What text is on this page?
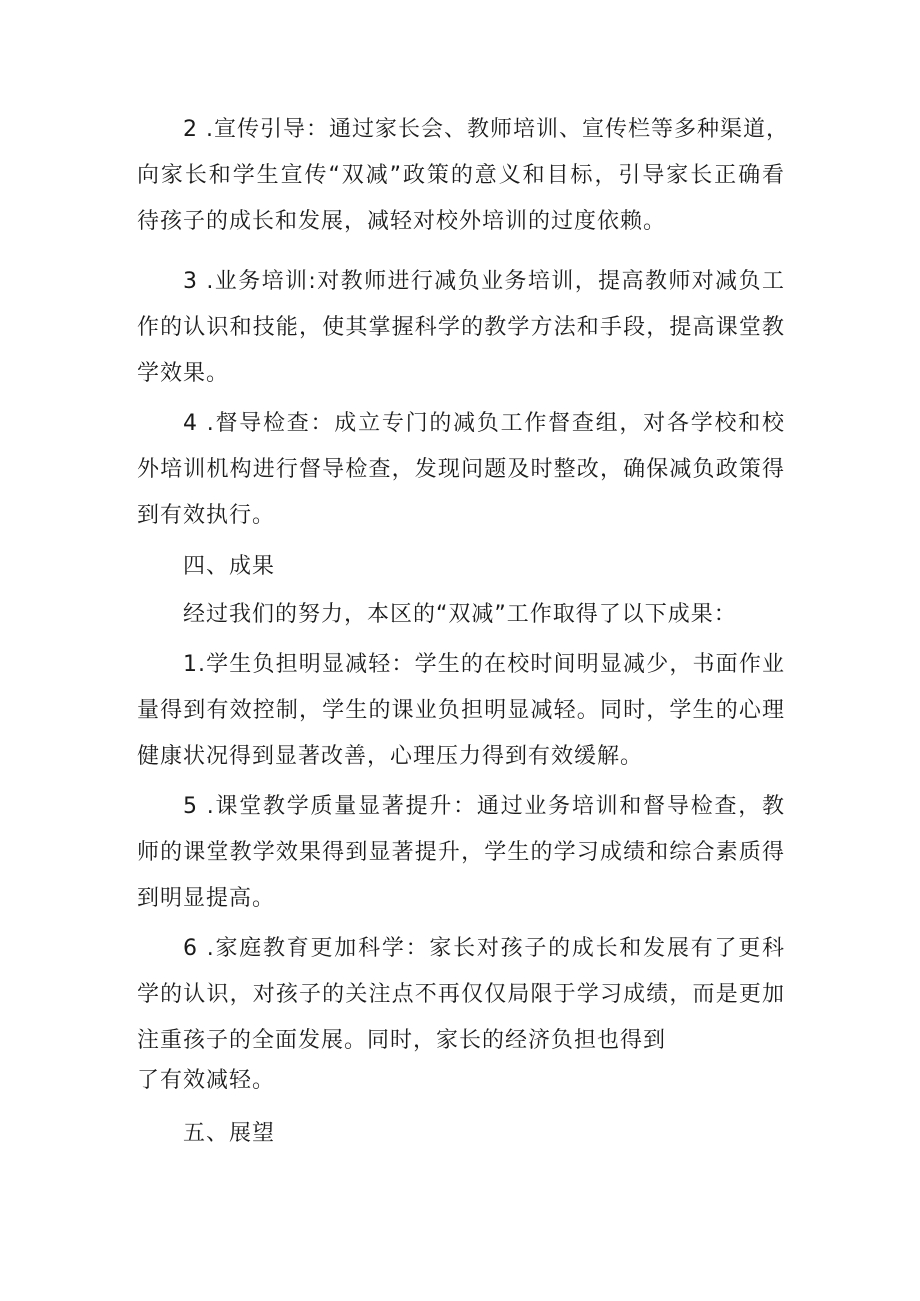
2 .宣传引导：通过家长会、教师培训、宣传栏等多种渠道，
向家长和学生宣传“双减”政策的意义和目标，引导家长正确看
待孩子的成长和发展，减轻对校外培训的过度依赖。
3 .业务培训:对教师进行减负业务培训，提高教师对减负工
作的认识和技能，使其掌握科学的教学方法和手段，提高课堂教
学效果。
4 .督导检查：成立专门的减负工作督查组，对各学校和校
外培训机构进行督导检查，发现问题及时整改，确保减负政策得
到有效执行。
四、成果
经过我们的努力，本区的“双减”工作取得了以下成果：
1.学生负担明显减轻：学生的在校时间明显减少，书面作业
量得到有效控制，学生的课业负担明显减轻。同时，学生的心理
健康状况得到显著改善，心理压力得到有效缓解。
5 .课堂教学质量显著提升：通过业务培训和督导检查，教
师的课堂教学效果得到显著提升，学生的学习成绩和综合素质得
到明显提高。
6 .家庭教育更加科学：家长对孩子的成长和发展有了更科
学的认识，对孩子的关注点不再仅仅局限于学习成绩，而是更加
注重孩子的全面发展。同时，家长的经济负担也得到
了有效减轻。
五、展望
